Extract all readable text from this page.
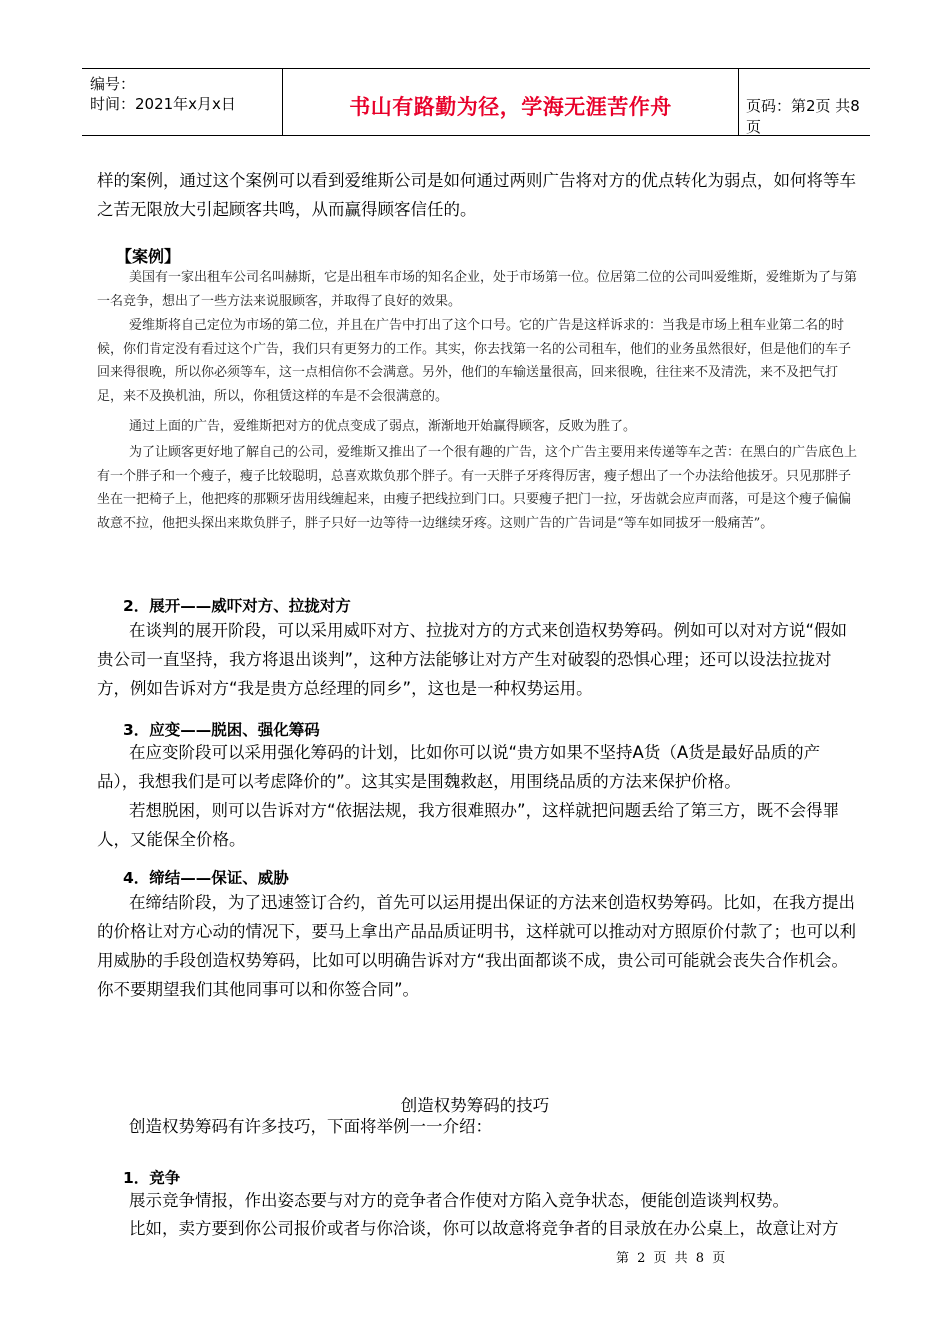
编号：
时间：2021年x月x日	书山有路勤为径，学海无涯苦作舟	页码：第2页 共8页
样的案例，通过这个案例可以看到爱维斯公司是如何通过两则广告将对方的优点转化为弱点，如何将等车之苦无限放大引起顾客共鸣，从而赢得顾客信任的。
【案例】
美国有一家出租车公司名叫赫斯，它是出租车市场的知名企业，处于市场第一位。位居第二位的公司叫爱维斯，爱维斯为了与第一名竞争，想出了一些方法来说服顾客，并取得了良好的效果。
爱维斯将自己定位为市场的第二位，并且在广告中打出了这个口号。它的广告是这样诉求的：当我是市场上租车业第二名的时候，你们肯定没有看过这个广告，我们只有更努力的工作。其实，你去找第一名的公司租车，他们的业务虽然很好，但是他们的车子回来得很晚，所以你必须等车，这一点相信你不会满意。另外，他们的车输送量很高，回来很晚，往往来不及清洗，来不及把气打足，来不及换机油，所以，你租赁这样的车是不会很满意的。
通过上面的广告，爱维斯把对方的优点变成了弱点，渐渐地开始赢得顾客，反败为胜了。
为了让顾客更好地了解自己的公司，爱维斯又推出了一个很有趣的广告，这个广告主要用来传递等车之苦：在黑白的广告底色上有一个胖子和一个瘦子，瘦子比较聪明，总喜欢欺负那个胖子。有一天胖子牙疼得厉害，瘦子想出了一个办法给他拔牙。只见那胖子坐在一把椅子上，他把疼的那颗牙齿用线缠起来，由瘦子把线拉到门口。只要瘦子把门一拉，牙齿就会应声而落，可是这个瘦子偏偏故意不拉，他把头探出来欺负胖子，胖子只好一边等待一边继续牙疼。这则广告的广告词是“等车如同拔牙一般痛苦”。
2．展开——威吓对方、拉拢对方
在谈判的展开阶段，可以采用威吓对方、拉拢对方的方式来创造权势筹码。例如可以对对方说“假如贵公司一直坚持，我方将退出谈判”，这种方法能够让对方产生对破裂的恐惧心理；还可以设法拉拢对方，例如告诉对方“我是贵方总经理的同乡”，这也是一种权势运用。
3．应变——脱困、强化筹码
在应变阶段可以采用强化筹码的计划，比如你可以说“贵方如果不坚持A货（A货是最好品质的产品），我想我们是可以考虑降价的”。这其实是围魏救赵，用围绕品质的方法来保护价格。
若想脱困，则可以告诉对方“依据法规，我方很难照办”，这样就把问题丢给了第三方，既不会得罪人，又能保全价格。
4．缔结——保证、威胁
在缔结阶段，为了迅速签订合约，首先可以运用提出保证的方法来创造权势筹码。比如，在我方提出的价格让对方心动的情况下，要马上拿出产品品质证明书，这样就可以推动对方照原价付款了；也可以利用威胁的手段创造权势筹码，比如可以明确告诉对方“我出面都谈不成，贵公司可能就会丧失合作机会。你不要期望我们其他同事可以和你签合同”。
创造权势筹码的技巧
创造权势筹码有许多技巧，下面将举例一一介绍：
1．竞争
展示竞争情报，作出姿态要与对方的竞争者合作使对方陷入竞争状态，便能创造谈判权势。
比如，卖方要到你公司报价或者与你洽谈，你可以故意将竞争者的目录放在办公桌上，故意让对方
第 2 页 共 8 页
